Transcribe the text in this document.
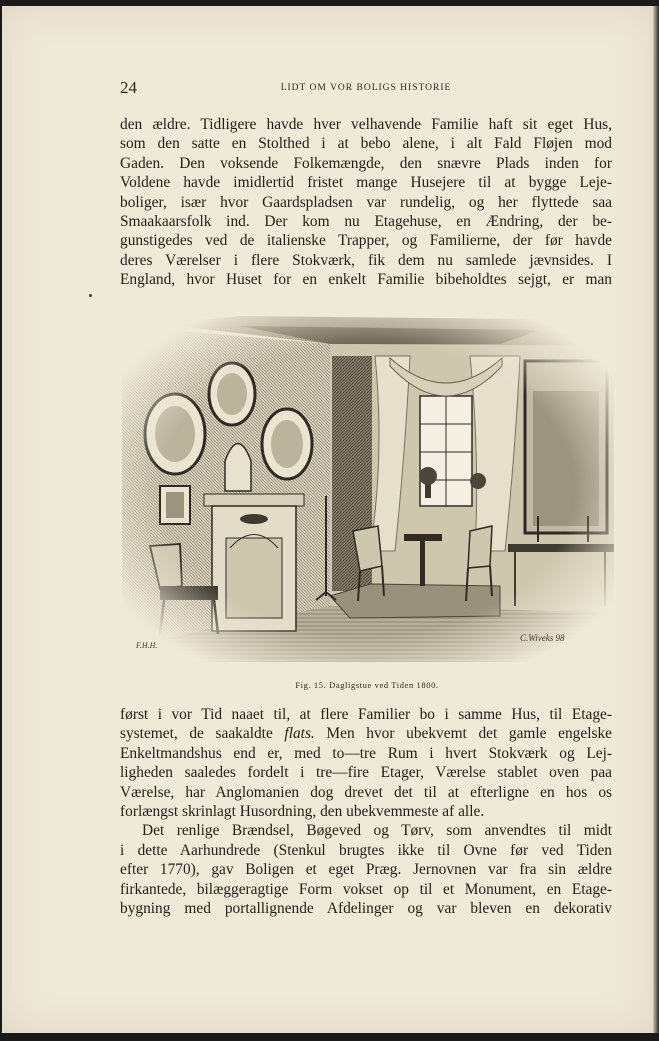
24	LIDT OM VOR BOLIGS HISTORIE
den ældre. Tidligere havde hver velhavende Familie haft sit eget Hus,
som den satte en Stolthed i at bebo alene, i alt Fald Fløjen mod
Gaden. Den voksende Folkemængde, den snævre Plads inden for
Voldene havde imidlertid fristet mange Husejere til at bygge Leje-
boliger, især hvor Gaardspladsen var rundelig, og her flyttede saa
Smaakaarsfolk ind. Der kom nu Etagehuse, en Ændring, der be-
gunstigedes ved de italienske Trapper, og Familierne, der før havde
deres Værelser i flere Stokværk, fik dem nu samlede jævnsides. I
England, hvor Huset for en enkelt Familie bibeholdtes sejgt, er man
F.H.H.
C.Wiveks 98
Fig. 15. Dagligstue ved Tiden 1800.
først i vor Tid naaet til, at flere Familier bo i samme Hus, til Etage-
systemet, de saakaldte flats. Men hvor ubekvemt det gamle engelske
Enkeltmandshus end er, med to—tre Rum i hvert Stokværk og Lej-
ligheden saaledes fordelt i tre—fire Etager, Værelse stablet oven paa
Værelse, har Anglomanien dog drevet det til at efterligne en hos os
forlængst skrinlagt Husordning, den ubekvemmeste af alle.
Det renlige Brændsel, Bøgeved og Tørv, som anvendtes til midt
i dette Aarhundrede (Stenkul brugtes ikke til Ovne før ved Tiden
efter 1770), gav Boligen et eget Præg. Jernovnen var fra sin ældre
firkantede, bilæggeragtige Form vokset op til et Monument, en Etage-
bygning med portallignende Afdelinger og var bleven en dekorativ
